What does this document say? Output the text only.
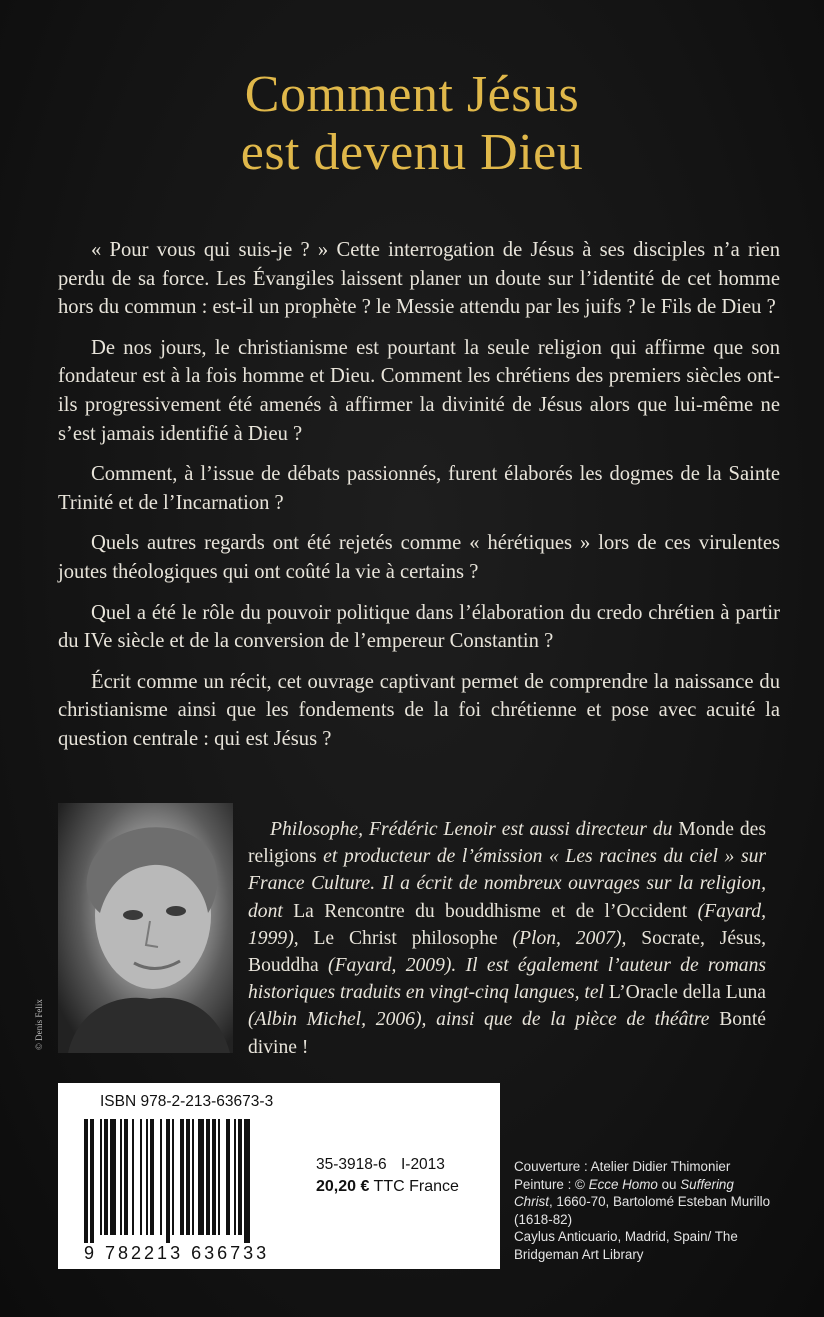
Comment Jésus
est devenu Dieu

« Pour vous qui suis-je ? » Cette interrogation de Jésus à ses disciples n’a rien perdu de sa force. Les Évangiles laissent planer un doute sur l’identité de cet homme hors du commun : est-il un prophète ? le Messie attendu par les juifs ? le Fils de Dieu ?

De nos jours, le christianisme est pourtant la seule religion qui affirme que son fondateur est à la fois homme et Dieu. Comment les chrétiens des premiers siècles ont-ils progressivement été amenés à affirmer la divinité de Jésus alors que lui-même ne s’est jamais identifié à Dieu ?

Comment, à l’issue de débats passionnés, furent élaborés les dogmes de la Sainte Trinité et de l’Incarnation ?

Quels autres regards ont été rejetés comme « hérétiques » lors de ces virulentes joutes théologiques qui ont coûté la vie à certains ?

Quel a été le rôle du pouvoir politique dans l’élaboration du credo chrétien à partir du IVe siècle et de la conversion de l’empereur Constantin ?

Écrit comme un récit, cet ouvrage captivant permet de comprendre la naissance du christianisme ainsi que les fondements de la foi chrétienne et pose avec acuité la question centrale : qui est Jésus ?

© Denis Felix
Philosophe, Frédéric Lenoir est aussi directeur du Monde des religions et producteur de l’émission « Les racines du ciel » sur France Culture. Il a écrit de nombreux ouvrages sur la religion, dont La Rencontre du bouddhisme et de l’Occident (Fayard, 1999), Le Christ philosophe (Plon, 2007), Socrate, Jésus, Bouddha (Fayard, 2009). Il est également l’auteur de romans historiques traduits en vingt-cinq langues, tel L’Oracle della Luna (Albin Michel, 2006), ainsi que de la pièce de théâtre Bonté divine !
ISBN 978-2-213-63673-3
9 782213 636733
35-3918-6 I-2013
20,20 € TTC France
Couverture : Atelier Didier Thimonier
Peinture : © Ecce Homo ou Suffering Christ, 1660-70, Bartolomé Esteban Murillo (1618-82)
Caylus Anticuario, Madrid, Spain/ The Bridgeman Art Library
